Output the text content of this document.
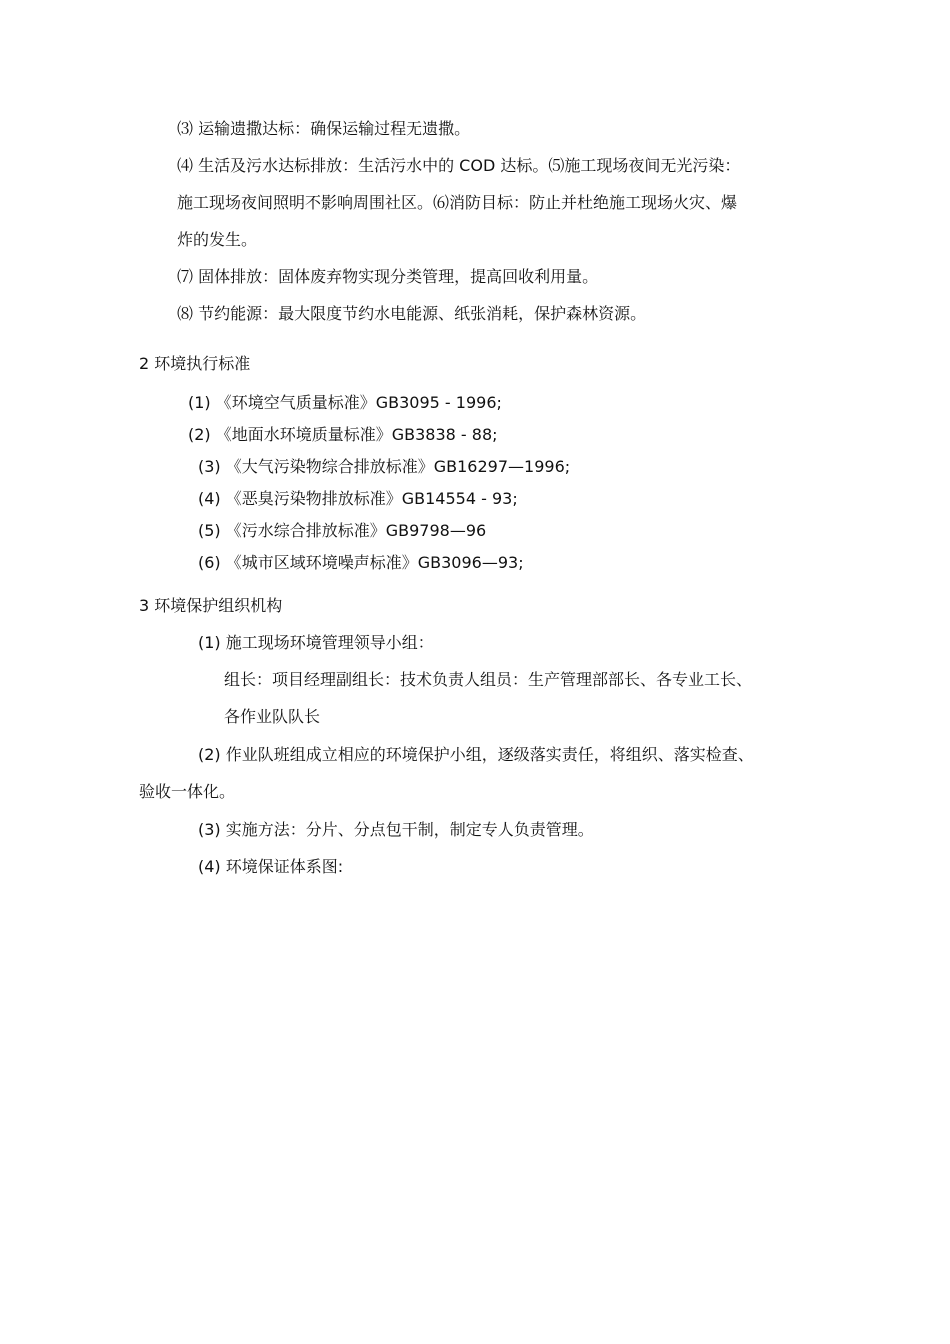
⑶ 运输遗撒达标：确保运输过程无遗撒。
⑷ 生活及污水达标排放：生活污水中的 COD 达标。⑸施工现场夜间无光污染：
施工现场夜间照明不影响周围社区。⑹消防目标：防止并杜绝施工现场火灾、爆
炸的发生。
⑺ 固体排放：固体废弃物实现分类管理，提高回收利用量。
⑻ 节约能源：最大限度节约水电能源、纸张消耗，保护森林资源。
2 环境执行标准
(1) 《环境空气质量标准》GB3095 - 1996;
(2) 《地面水环境质量标准》GB3838 - 88;
(3) 《大气污染物综合排放标准》GB16297—1996;
(4) 《恶臭污染物排放标准》GB14554 - 93;
(5) 《污水综合排放标准》GB9798—96
(6) 《城市区域环境噪声标准》GB3096—93;
3 环境保护组织机构
(1) 施工现场环境管理领导小组：
组长：项目经理副组长：技术负责人组员：生产管理部部长、各专业工长、
各作业队队长
(2) 作业队班组成立相应的环境保护小组，逐级落实责任，将组织、落实检查、
验收一体化。
(3) 实施方法：分片、分点包干制，制定专人负责管理。
(4) 环境保证体系图:
